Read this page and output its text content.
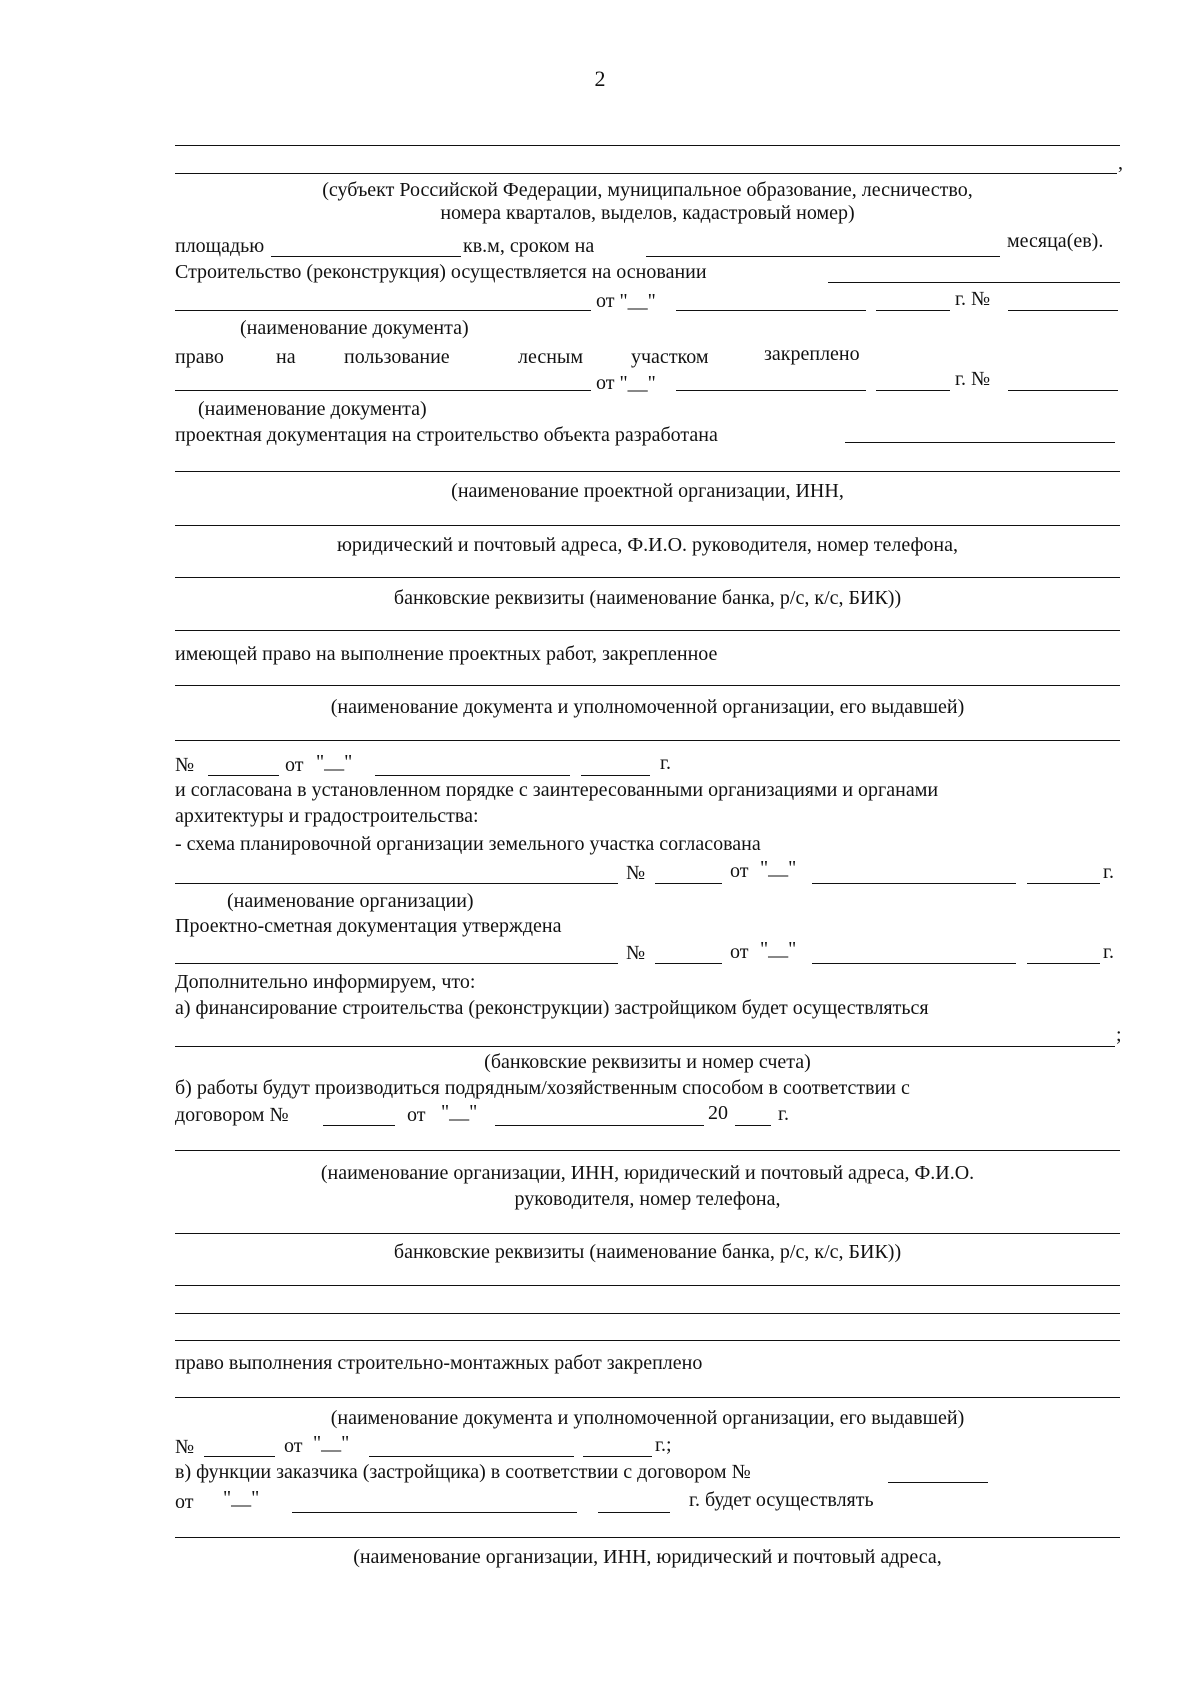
2
,
(субъект Российской Федерации, муниципальное образование, лесничество,
номера кварталов, выделов, кадастровый номер)
площадью	кв.м, сроком на	месяца(ев).
Строительство (реконструкция) осуществляется на основании
от "__"	г. №
(наименование документа)
право	на пользование	лесным участком	закреплено
от "__"	г. №
(наименование документа)
проектная документация на строительство объекта разработана
(наименование проектной организации, ИНН,
юридический и почтовый адреса, Ф.И.О. руководителя, номер телефона,
банковские реквизиты (наименование банка, р/с, к/с, БИК))
имеющей право на выполнение проектных работ, закрепленное
(наименование документа и уполномоченной организации, его выдавшей)
№	от "__"	г.
и согласована в установленном порядке с заинтересованными организациями и органами
архитектуры и градостроительства:
- схема планировочной организации земельного участка согласована
№	от "__"	г.
(наименование организации)
Проектно-сметная документация утверждена
№	от "__"	г.
Дополнительно информируем, что:
а) финансирование строительства (реконструкции) застройщиком будет осуществляться
;
(банковские реквизиты и номер счета)
б) работы будут производиться подрядным/хозяйственным способом в соответствии с
договором №	от "__"	20	г.
(наименование организации, ИНН, юридический и почтовый адреса, Ф.И.О.
руководителя, номер телефона,
банковские реквизиты (наименование банка, р/с, к/с, БИК))
право выполнения строительно-монтажных работ закреплено
(наименование документа и уполномоченной организации, его выдавшей)
№	от "__"	г.;
в) функции заказчика (застройщика) в соответствии с договором №
от "__"	г. будет осуществлять
(наименование организации, ИНН, юридический и почтовый адреса,
